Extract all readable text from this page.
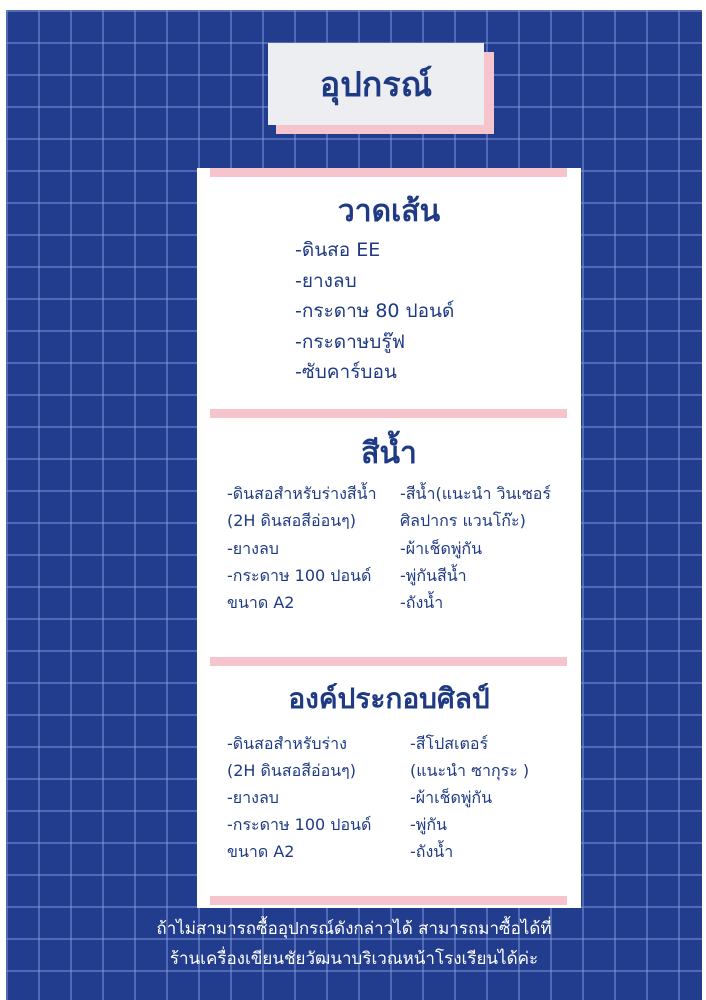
อุปกรณ์
วาดเส้น
-ดินสอ EE
-ยางลบ
-กระดาษ 80 ปอนด์
-กระดาษบรู๊ฟ
-ซับคาร์บอน
สีน้ำ
-ดินสอสำหรับร่างสีน้ำ
(2H ดินสอสีอ่อนๆ)
-ยางลบ
-กระดาษ 100 ปอนด์
ขนาด A2
-สีน้ำ(แนะนำ วินเซอร์
ศิลปากร แวนโก๊ะ)
-ผ้าเช็ดพู่กัน
-พู่กันสีน้ำ
-ถังน้ำ
องค์ประกอบศิลป์
-ดินสอสำหรับร่าง
(2H ดินสอสีอ่อนๆ)
-ยางลบ
-กระดาษ 100 ปอนด์
ขนาด A2
-สีโปสเตอร์
(แนะนำ ซากุระ )
-ผ้าเช็ดพู่กัน
-พู่กัน
-ถังน้ำ
ถ้าไม่สามารถซื้ออุปกรณ์ดังกล่าวได้ สามารถมาซื้อได้ที่
ร้านเครื่องเขียนชัยวัฒนาบริเวณหน้าโรงเรียนได้ค่ะ
